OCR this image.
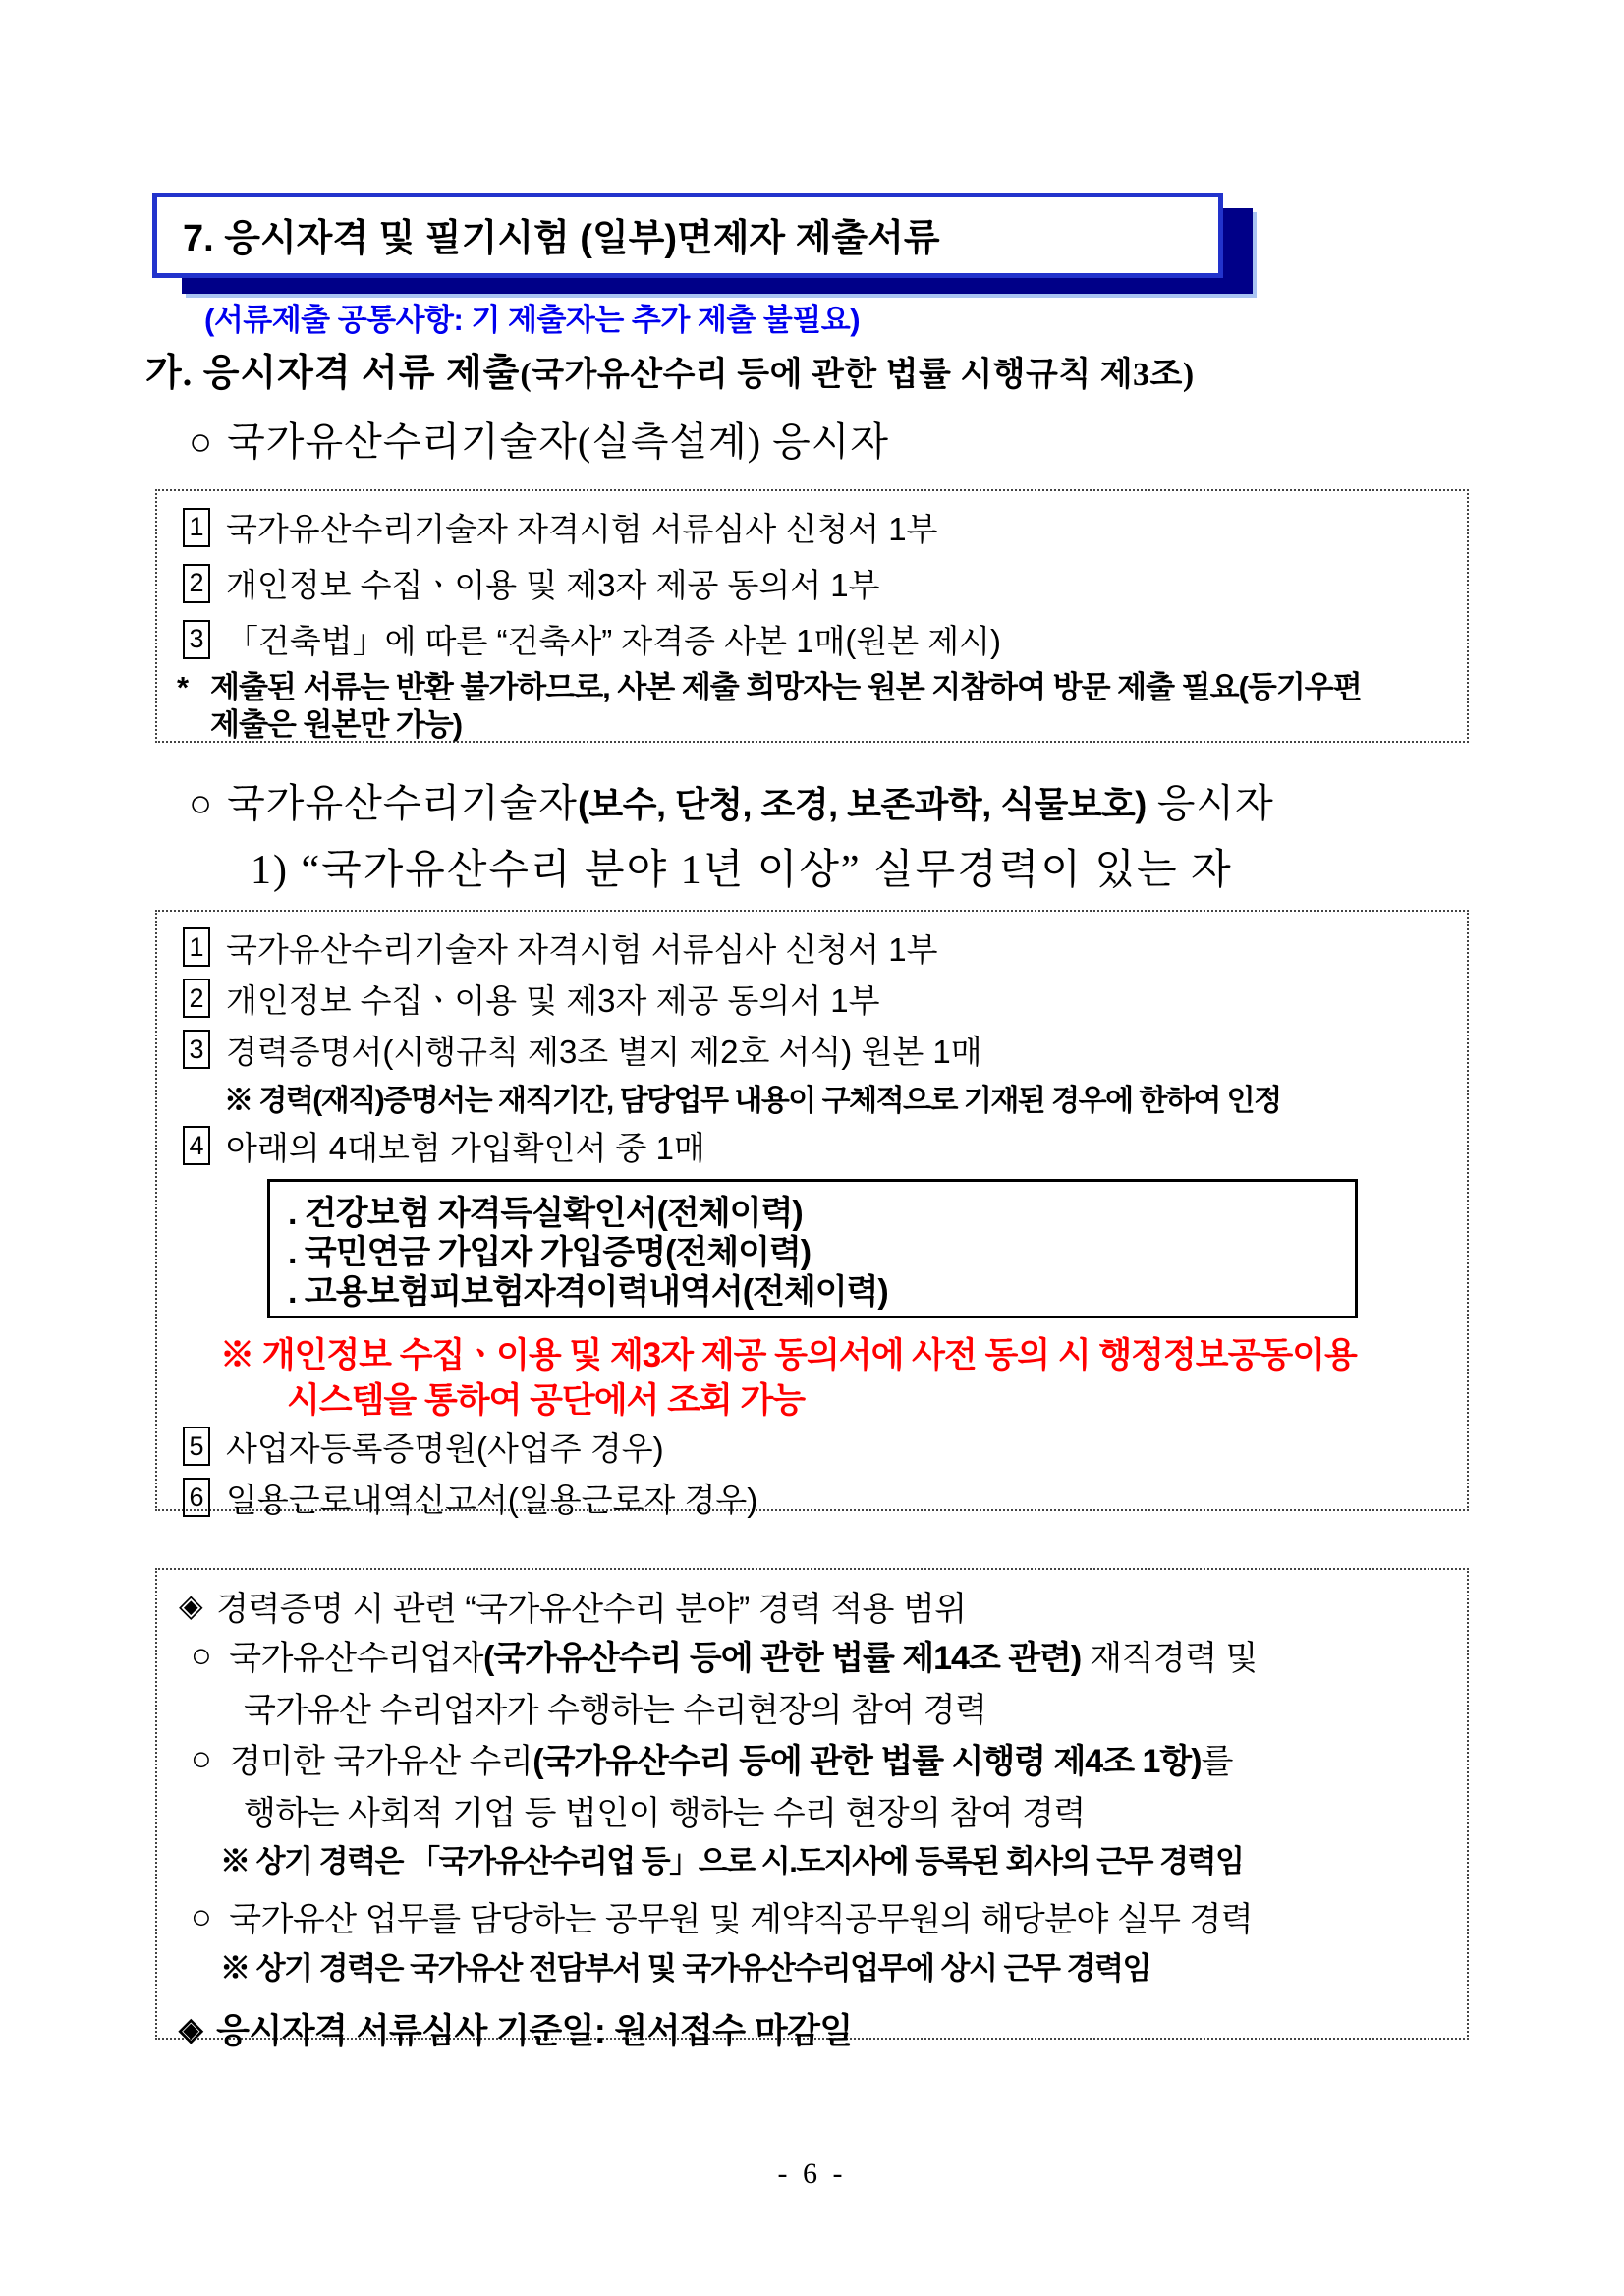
7. 응시자격 및 필기시험 (일부)면제자 제출서류
(서류제출 공통사항: 기 제출자는 추가 제출 불필요)
가. 응시자격 서류 제출(국가유산수리 등에 관한 법률 시행규칙 제3조)
○ 국가유산수리기술자(실측설계) 응시자
1 국가유산수리기술자 자격시험 서류심사 신청서 1부
2 개인정보 수집ㆍ이용 및 제3자 제공 동의서 1부
3 「건축법」에 따른 “건축사” 자격증 사본 1매(원본 제시)
* 제출된 서류는 반환 불가하므로, 사본 제출 희망자는 원본 지참하여 방문 제출 필요(등기우편
제출은 원본만 가능)
○ 국가유산수리기술자(보수, 단청, 조경, 보존과학, 식물보호) 응시자
1) “국가유산수리 분야 1년 이상” 실무경력이 있는 자
1 국가유산수리기술자 자격시험 서류심사 신청서 1부
2 개인정보 수집ㆍ이용 및 제3자 제공 동의서 1부
3 경력증명서(시행규칙 제3조 별지 제2호 서식) 원본 1매
※ 경력(재직)증명서는 재직기간, 담당업무 내용이 구체적으로 기재된 경우에 한하여 인정
4 아래의 4대보험 가입확인서 중 1매
. 건강보험 자격득실확인서(전체이력)
. 국민연금 가입자 가입증명(전체이력)
. 고용보험피보험자격이력내역서(전체이력)
※ 개인정보 수집ㆍ이용 및 제3자 제공 동의서에 사전 동의 시 행정정보공동이용
시스템을 통하여 공단에서 조회 가능
5 사업자등록증명원(사업주 경우)
6 일용근로내역신고서(일용근로자 경우)
◈ 경력증명 시 관련 “국가유산수리 분야” 경력 적용 범위
○ 국가유산수리업자(국가유산수리 등에 관한 법률 제14조 관련) 재직경력 및
국가유산 수리업자가 수행하는 수리현장의 참여 경력
○ 경미한 국가유산 수리(국가유산수리 등에 관한 법률 시행령 제4조 1항)를
행하는 사회적 기업 등 법인이 행하는 수리 현장의 참여 경력
※ 상기 경력은 「국가유산수리업 등」으로 시.도지사에 등록된 회사의 근무 경력임
○ 국가유산 업무를 담당하는 공무원 및 계약직공무원의 해당분야 실무 경력
※ 상기 경력은 국가유산 전담부서 및 국가유산수리업무에 상시 근무 경력임
◈ 응시자격 서류심사 기준일: 원서접수 마감일
- 6 -
